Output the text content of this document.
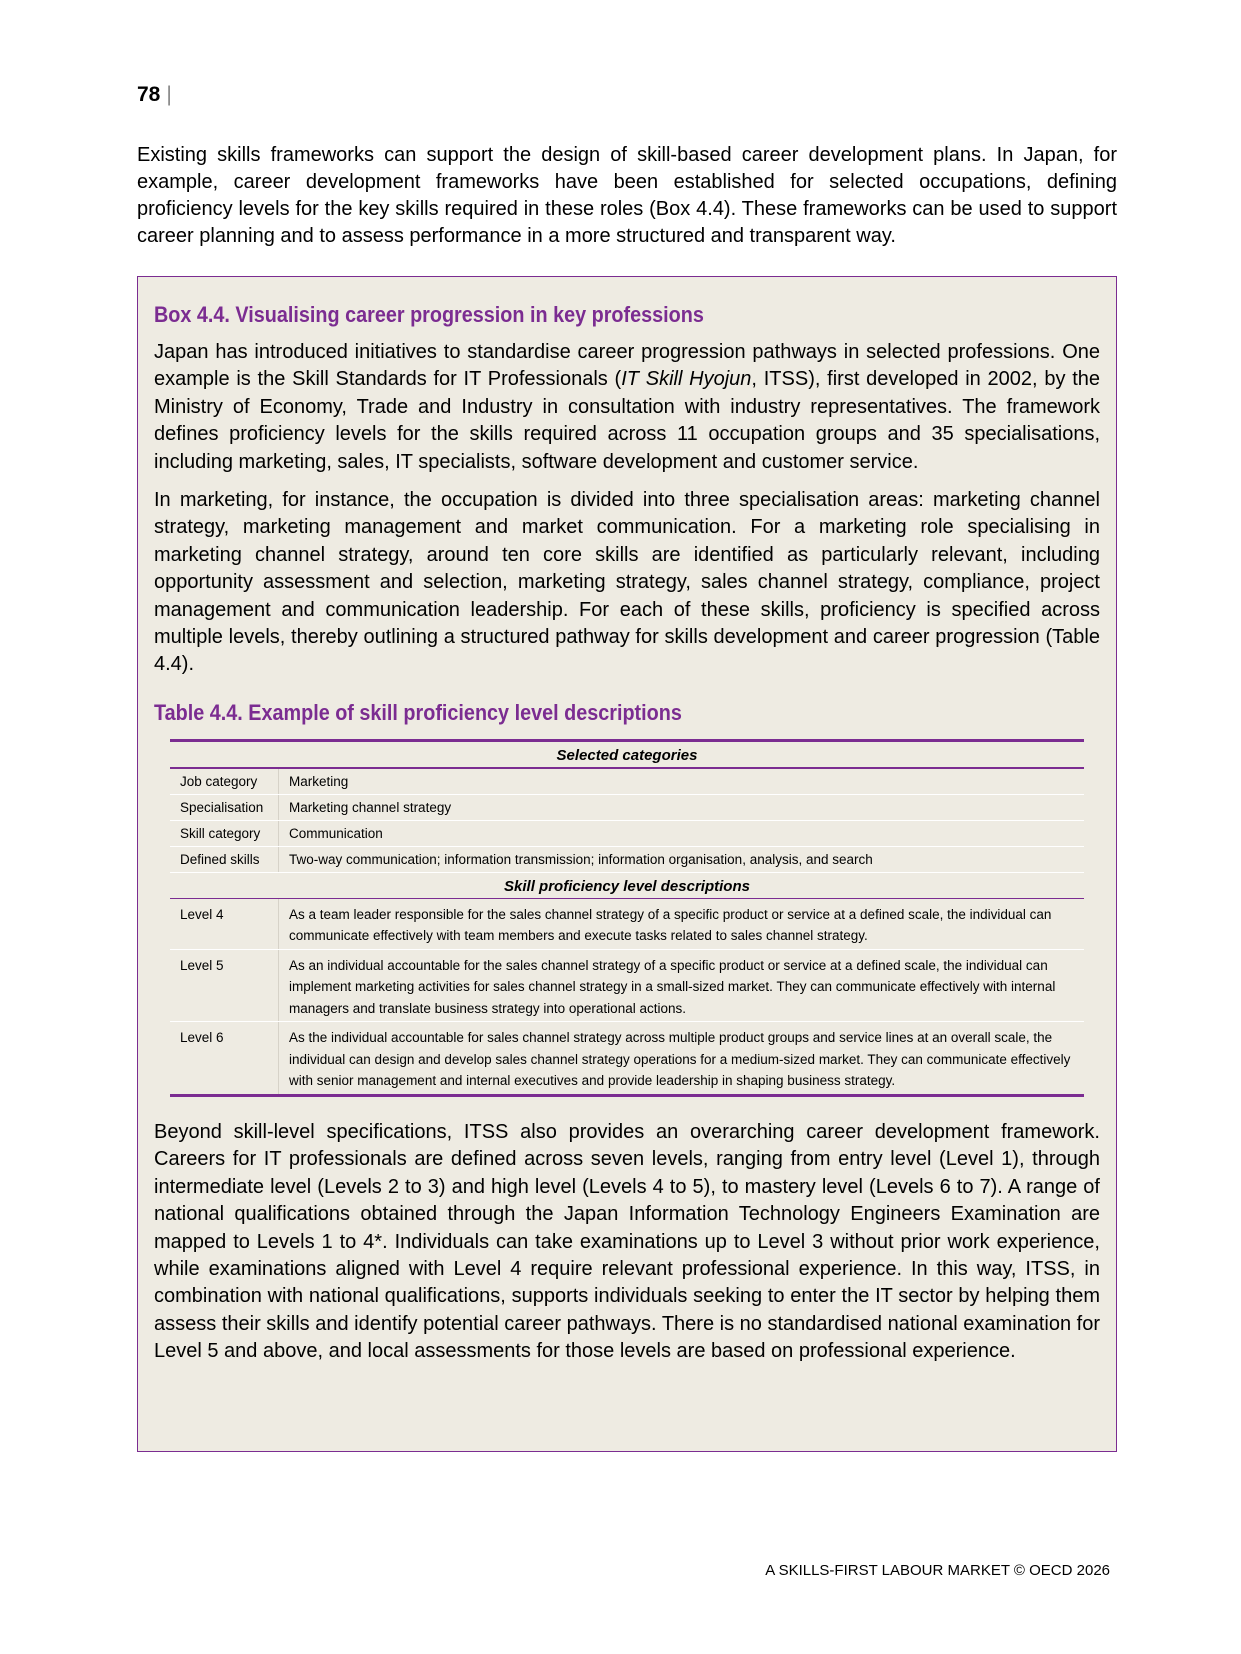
78 |

Existing skills frameworks can support the design of skill-based career development plans. In Japan, for example, career development frameworks have been established for selected occupations, defining proficiency levels for the key skills required in these roles (Box 4.4). These frameworks can be used to support career planning and to assess performance in a more structured and transparent way.

Box 4.4. Visualising career progression in key professions

Japan has introduced initiatives to standardise career progression pathways in selected professions. One example is the Skill Standards for IT Professionals (IT Skill Hyojun, ITSS), first developed in 2002, by the Ministry of Economy, Trade and Industry in consultation with industry representatives. The framework defines proficiency levels for the skills required across 11 occupation groups and 35 specialisations, including marketing, sales, IT specialists, software development and customer service.

In marketing, for instance, the occupation is divided into three specialisation areas: marketing channel strategy, marketing management and market communication. For a marketing role specialising in marketing channel strategy, around ten core skills are identified as particularly relevant, including opportunity assessment and selection, marketing strategy, sales channel strategy, compliance, project management and communication leadership. For each of these skills, proficiency is specified across multiple levels, thereby outlining a structured pathway for skills development and career progression (Table 4.4).

Table 4.4. Example of skill proficiency level descriptions
Selected categories	
Job category	Marketing
Specialisation	Marketing channel strategy
Skill category	Communication
Defined skills	Two-way communication; information transmission; information organisation, analysis, and search
Skill proficiency level descriptions	
Level 4	As a team leader responsible for the sales channel strategy of a specific product or service at a defined scale, the individual can communicate effectively with team members and execute tasks related to sales channel strategy.
Level 5	As an individual accountable for the sales channel strategy of a specific product or service at a defined scale, the individual can implement marketing activities for sales channel strategy in a small-sized market. They can communicate effectively with internal managers and translate business strategy into operational actions.
Level 6	As the individual accountable for sales channel strategy across multiple product groups and service lines at an overall scale, the individual can design and develop sales channel strategy operations for a medium-sized market. They can communicate effectively with senior management and internal executives and provide leadership in shaping business strategy.

Beyond skill-level specifications, ITSS also provides an overarching career development framework. Careers for IT professionals are defined across seven levels, ranging from entry level (Level 1), through intermediate level (Levels 2 to 3) and high level (Levels 4 to 5), to mastery level (Levels 6 to 7). A range of national qualifications obtained through the Japan Information Technology Engineers Examination are mapped to Levels 1 to 4*. Individuals can take examinations up to Level 3 without prior work experience, while examinations aligned with Level 4 require relevant professional experience. In this way, ITSS, in combination with national qualifications, supports individuals seeking to enter the IT sector by helping them assess their skills and identify potential career pathways. There is no standardised national examination for Level 5 and above, and local assessments for those levels are based on professional experience.

A SKILLS-FIRST LABOUR MARKET © OECD 2026
